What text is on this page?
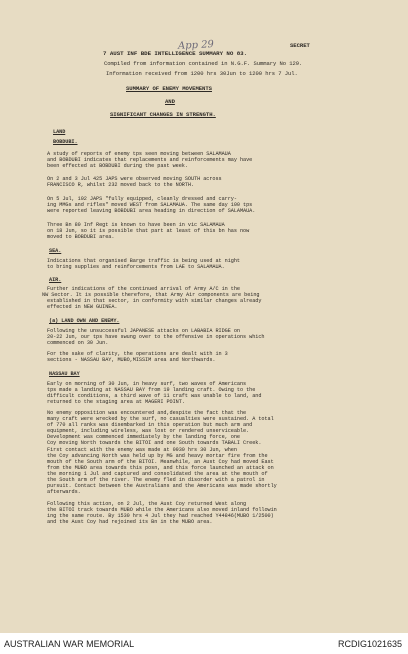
App 29	SECRET
7 AUST INF BDE INTELLIGENCE SUMMARY NO 83.
Compiled from information contained in N.G.F. Summary No 129.
Information received from 1200 hrs 30Jun to 1200 hrs 7 Jul.
SUMMARY OF ENEMY MOVEMENTS
AND
SIGNIFICANT CHANGES IN STRENGTH.
LAND
BOBDUBI.
A study of reports of enemy tps seen moving between SALAMAUA
and BOBDUBI indicates that replacements and reinforcements may have
been effected at BOBDUBI during the past week.
On 2 and 3 Jul 425 JAPS were observed moving SOUTH across
FRANCISCO R, whilst 232 moved back to the NORTH.
On 5 Jul, 102 JAPS "fully equipped, cleanly dressed and carry-
ing MMGs and rifles" moved WEST from SALAMAUA. The same day 100 tps
were reported leaving BOBDUBI area heading in direction of SALAMAUA.
Three Bn 80 Inf Regt is known to have been in vic SALAMAUA
on 18 Jun, so it is possible that part at least of this bn has now
moved to BOBDUBI area.
SEA.
Indications that organised Barge traffic is being used at night
to bring supplies and reinforcements from LAE to SALAMAUA.
AIR.
Further indications of the continued arrival of Army A/C in the
NW Sector. It is possible therefore, that Army Air components are being
established in that sector, in conformity with similar changes already
effected in NEW GUINEA.
(a) LAND OWN AND ENEMY.
Following the unsuccessful JAPANESE attacks on LABABIA RIDGE on
20-22 Jun, our tps have swung over to the offensive in operations which
commenced on 30 Jun.
For the sake of clarity, the operations are dealt with in 3
sections - NASSAU BAY, MUBO,MISSIM area and Northwards.
NASSAU BAY
Early on morning of 30 Jun, in heavy surf, two waves of Americans
tps made a landing at NASSAU BAY from 19 landing craft. Owing to the
difficult conditions, a third wave of 11 craft was unable to land, and
returned to the staging area at MAGERI POINT.
No enemy opposition was encountered and,despite the fact that the
many craft were wrecked by the surf, no casualties were sustained. A total
of 770 all ranks was disembarked in this operation but much arm and
equipment, including wireless, was lost or rendered unserviceable.
Development was commenced immediately by the landing force, one
Coy moving North towards the BITOI and one South towards TABALI Creek.
First contact with the enemy was made at 0930 hrs 30 Jun, when
the Coy advancing North was held up by MG and heavy mortar fire from the
mouth of the South arm of the BITOI. Meanwhile, an Aust Coy had moved East
from the MUBO area towards this posn, and this force launched an attack on
the morning 1 Jul and captured and consolidated the area at the mouth of
the South arm of the river. The enemy fled in disorder with a patrol in
pursuit. Contact between the Australians and the Americans was made shortly
afterwards.
Following this action, on 2 Jul, the Aust Coy returned West along
the BITOI track towards MUBO while the Americans also moved inland followin
ing the same route. By 1530 hrs 4 Jul they had reached Y44846(MUBO 1/2500)
and the Aust Coy had rejoined its Bn in the MUBO area.
AUSTRALIAN WAR MEMORIAL	RCDIG1021635
